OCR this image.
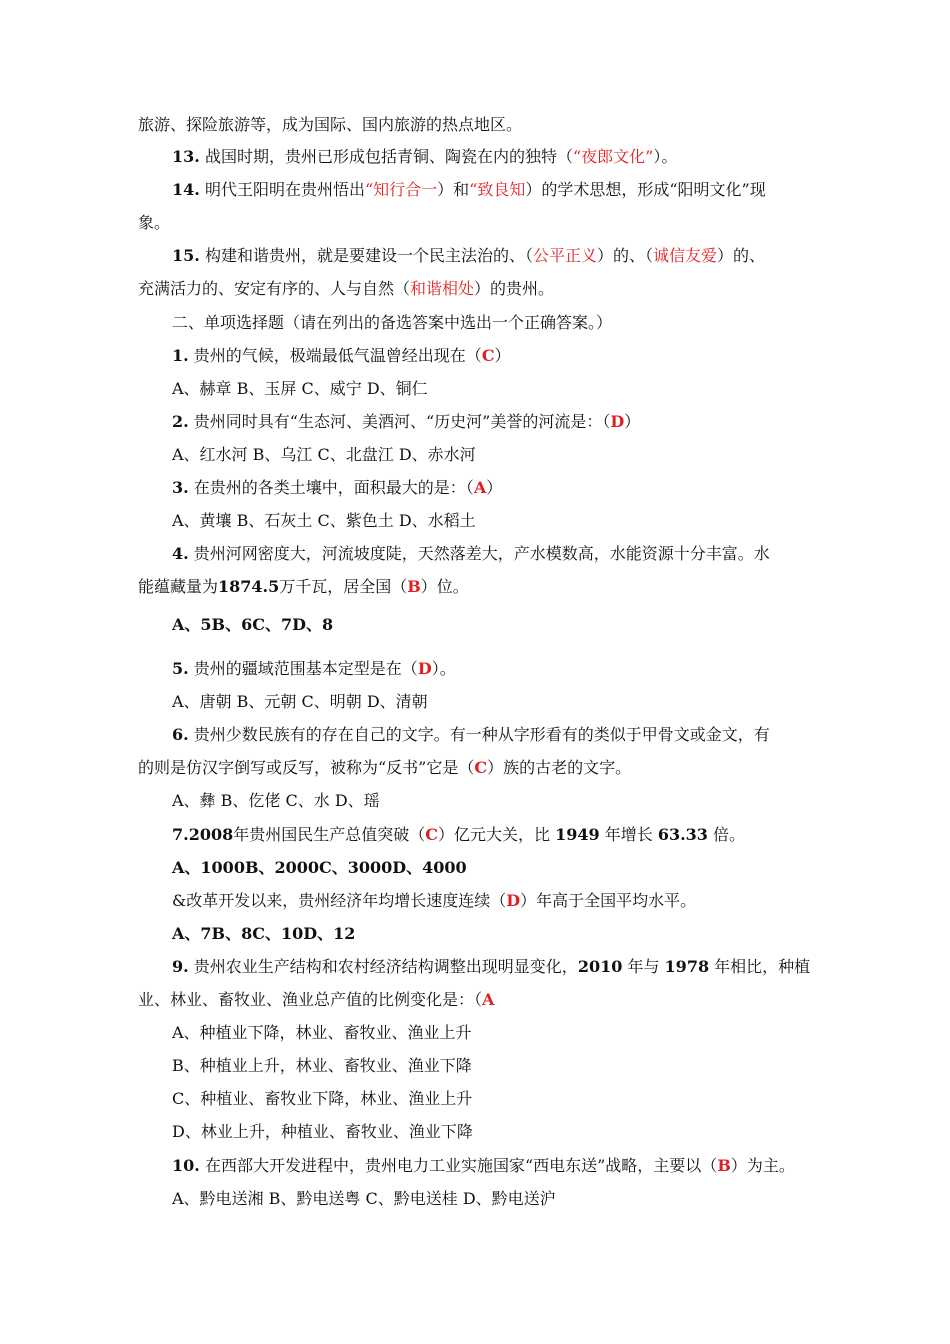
旅游、探险旅游等，成为国际、国内旅游的热点地区。
13. 战国时期，贵州已形成包括青铜、陶瓷在内的独特（“夜郎文化”）。
14. 明代王阳明在贵州悟出“知行合一）和“致良知）的学术思想，形成“阳明文化”现
象。
15. 构建和谐贵州，就是要建设一个民主法治的、（公平正义）的、（诚信友爱）的、
充满活力的、安定有序的、人与自然（和谐相处）的贵州。
二、单项选择题（请在列出的备选答案中选出一个正确答案。）
1. 贵州的气候，极端最低气温曾经出现在（C）
A、赫章 B、玉屏 C、威宁 D、铜仁
2. 贵州同时具有“生态河、美酒河、“历史河”美誉的河流是：（D）
A、红水河 B、乌江 C、北盘江 D、赤水河
3. 在贵州的各类土壤中，面积最大的是：（A）
A、黄壤 B、石灰土 C、紫色土 D、水稻土
4. 贵州河网密度大，河流坡度陡，天然落差大，产水模数高，水能资源十分丰富。水
能蕴藏量为1874.5万千瓦，居全国（B）位。
A、5B、6C、7D、8
5. 贵州的疆域范围基本定型是在（D）。
A、唐朝 B、元朝 C、明朝 D、清朝
6. 贵州少数民族有的存在自己的文字。有一种从字形看有的类似于甲骨文或金文，有
的则是仿汉字倒写或反写，被称为“反书”它是（C）族的古老的文字。
A、彝 B、仡佬 C、水 D、瑶
7.2008年贵州国民生产总值突破（C）亿元大关，比 1949 年增长 63.33 倍。
A、1000B、2000C、3000D、4000
&改革开发以来，贵州经济年均增长速度连续（D）年高于全国平均水平。
A、7B、8C、10D、12
9. 贵州农业生产结构和农村经济结构调整出现明显变化，2010 年与 1978 年相比，种植
业、林业、畜牧业、渔业总产值的比例变化是：（A
A、种植业下降，林业、畜牧业、渔业上升
B、种植业上升，林业、畜牧业、渔业下降
C、种植业、畜牧业下降，林业、渔业上升
D、林业上升，种植业、畜牧业、渔业下降
10. 在西部大开发进程中，贵州电力工业实施国家“西电东送”战略，主要以（B）为主。
A、黔电送湘 B、黔电送粤 C、黔电送桂 D、黔电送沪
